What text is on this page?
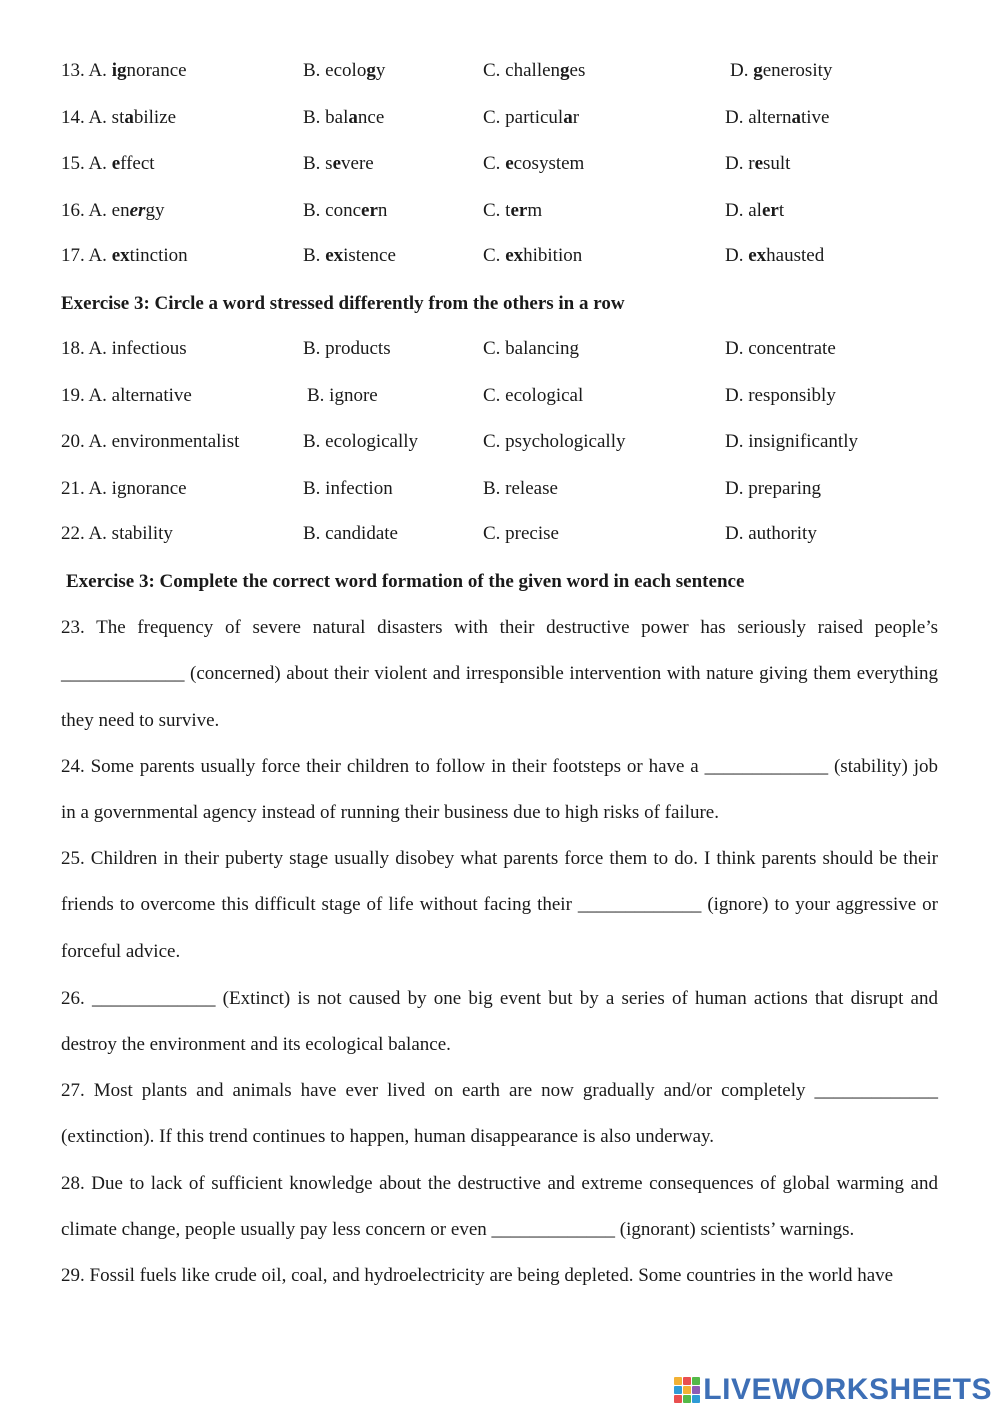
13. A. ignorance	B. ecology	C. challenges	D. generosity
14. A. stabilize	B. balance	C. particular	D. alternative
15. A. effect	B. severe	C. ecosystem	D. result
16. A. energy	B. concern	C. term	D. alert
17. A. extinction	B. existence	C. exhibition	D. exhausted
Exercise 3: Circle a word stressed differently from the others in a row
18. A. infectious	B. products	C. balancing	D. concentrate
19. A. alternative	B. ignore	C. ecological	D. responsibly
20. A. environmentalist	B. ecologically	C. psychologically	D. insignificantly
21. A. ignorance	B. infection	B. release	D. preparing
22. A. stability	B. candidate	C. precise	D. authority
Exercise 3: Complete the correct word formation of the given word in each sentence

23. The frequency of severe natural disasters with their destructive power has seriously raised people’s _____________ (concerned) about their violent and irresponsible intervention with nature giving them everything they need to survive.

24. Some parents usually force their children to follow in their footsteps or have a _____________ (stability) job in a governmental agency instead of running their business due to high risks of failure.

25. Children in their puberty stage usually disobey what parents force them to do. I think parents should be their friends to overcome this difficult stage of life without facing their _____________ (ignore) to your aggressive or forceful advice.

26. _____________ (Extinct) is not caused by one big event but by a series of human actions that disrupt and destroy the environment and its ecological balance.

27. Most plants and animals have ever lived on earth are now gradually and/or completely _____________ (extinction). If this trend continues to happen, human disappearance is also underway.

28. Due to lack of sufficient knowledge about the destructive and extreme consequences of global warming and climate change, people usually pay less concern or even _____________ (ignorant) scientists’ warnings.

29. Fossil fuels like crude oil, coal, and hydroelectricity are being depleted. Some countries in the world have

LIVEWORKSHEETS
